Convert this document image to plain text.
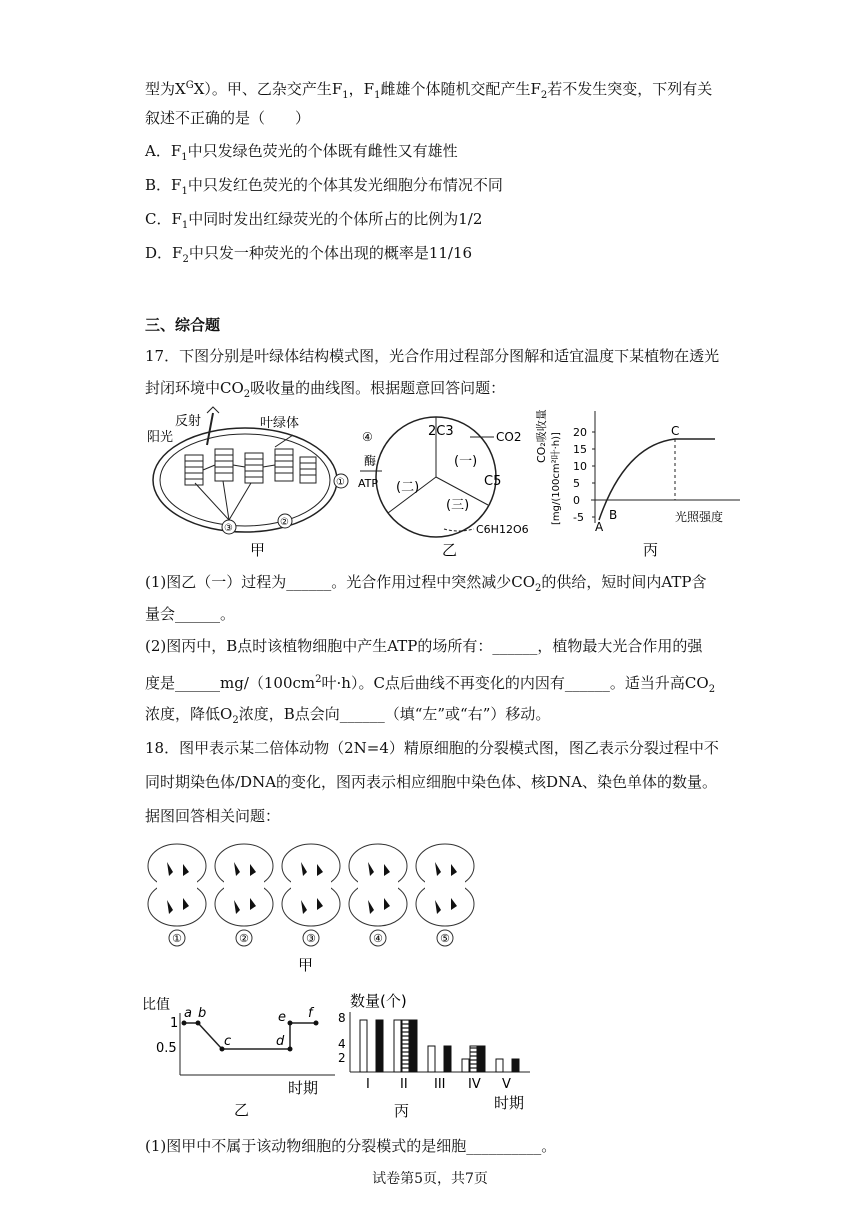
型为$X^GX$）。甲、乙杂交产生$F_1$，$F_1$雌雄个体随机交配产生$F_2$若不发生突变，下列有关
叙述不正确的是（　　）
A．$F_1$中只发绿色荧光的个体既有雌性又有雄性
B．$F_1$中只发红色荧光的个体其发光细胞分布情况不同
C．$F_1$中同时发出红绿荧光的个体所占的比例为1/2
D．$F_2$中只发一种荧光的个体出现的概率是11/16
三、综合题
17．下图分别是叶绿体结构模式图，光合作用过程部分图解和适宜温度下某植物在透光
封闭环境中$CO_2$吸收量的曲线图。根据题意回答问题：
反射
阳光
叶绿体
①
②
③
甲
2C3	CO2
(一)
(二)
(三)
C5
C6H12O6
④
酶
ATP
乙
CO₂吸收量 [mg/(100cm²叶·h)] 20
15
10
5
0
-5
A
B
C
光照强度
丙
(1)图乙（一）过程为______。光合作用过程中突然减少$CO_2$的供给，短时间内ATP含
量会______。
(2)图丙中，B点时该植物细胞中产生ATP的场所有：______，植物最大光合作用的强
度是$\_\_\_\_\_\_mg/(100cm^2$叶·h）。C点后曲线不再变化的内因有______。适当升高$CO_2$
浓度，降低$O_2$浓度，B点会向______（填“左”或“右”）移动。
18．图甲表示某二倍体动物（2N=4）精原细胞的分裂模式图，图乙表示分裂过程中不
同时期染色体/DNA的变化，图丙表示相应细胞中染色体、核DNA、染色单体的数量。
据图回答相关问题：
①	②	③	④	⑤
甲
比值
1
0.5
a b
c	d
e f
时期
乙
数量(个)
8
4
2
I II III IV V
时期
丙
(1)图甲中不属于该动物细胞的分裂模式的是细胞__________。
试卷第5页，共7页
